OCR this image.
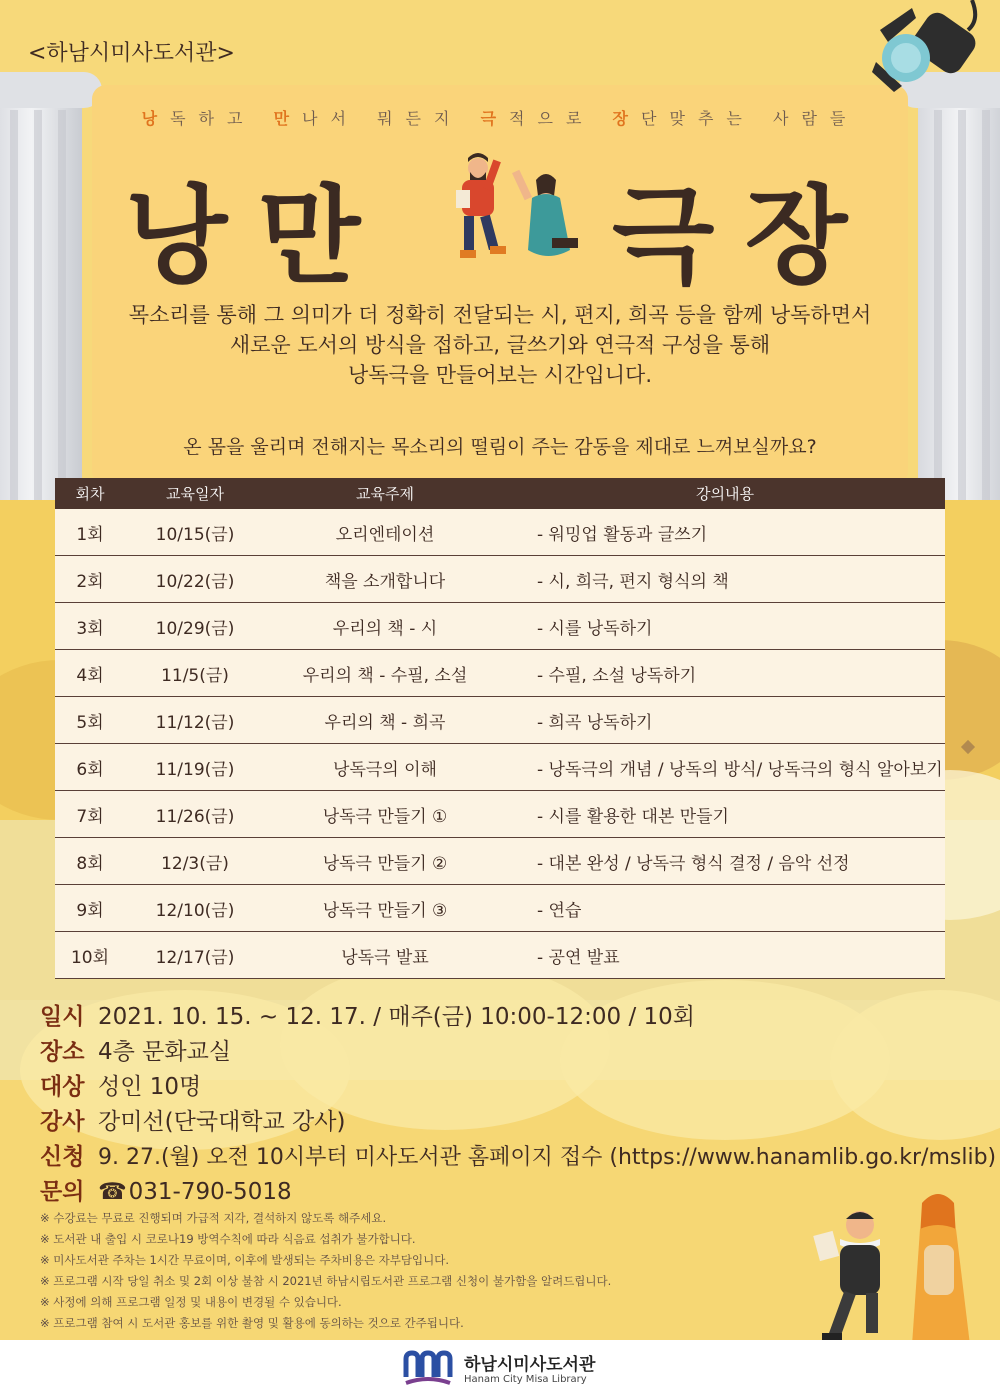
<하남시미사도서관>
낭독하고 만나서 뭐든지 극적으로 장단맞추는 사람들
낭 만 극 장
목소리를 통해 그 의미가 더 정확히 전달되는 시, 편지, 희곡 등을 함께 낭독하면서
새로운 도서의 방식을 접하고, 글쓰기와 연극적 구성을 통해
낭독극을 만들어보는 시간입니다.
온 몸을 울리며 전해지는 목소리의 떨림이 주는 감동을 제대로 느껴보실까요?
회차	교육일자	교육주제	강의내용
1회	10/15(금)	오리엔테이션	- 워밍업 활동과 글쓰기
2회	10/22(금)	책을 소개합니다	- 시, 희극, 편지 형식의 책
3회	10/29(금)	우리의 책 - 시	- 시를 낭독하기
4회	11/5(금)	우리의 책 - 수필, 소설	- 수필, 소설 낭독하기
5회	11/12(금)	우리의 책 - 희곡	- 희곡 낭독하기
6회	11/19(금)	낭독극의 이해	- 낭독극의 개념 / 낭독의 방식/ 낭독극의 형식 알아보기
7회	11/26(금)	낭독극 만들기 ①	- 시를 활용한 대본 만들기
8회	12/3(금)	낭독극 만들기 ②	- 대본 완성 / 낭독극 형식 결정 / 음악 선정
9회	12/10(금)	낭독극 만들기 ③	- 연습
10회	12/17(금)	낭독극 발표	- 공연 발표
일시 2021. 10. 15. ~ 12. 17. / 매주(금) 10:00-12:00 / 10회
장소 4층 문화교실
대상 성인 10명
강사 강미선(단국대학교 강사)
신청 9. 27.(월) 오전 10시부터 미사도서관 홈페이지 접수 (https://www.hanamlib.go.kr/mslib)
문의 ☎031-790-5018
※ 수강료는 무료로 진행되며 가급적 지각, 결석하지 않도록 해주세요.
※ 도서관 내 출입 시 코로나19 방역수칙에 따라 식음료 섭취가 불가합니다.
※ 미사도서관 주차는 1시간 무료이며, 이후에 발생되는 주차비용은 자부담입니다.
※ 프로그램 시작 당일 취소 및 2회 이상 불참 시 2021년 하남시립도서관 프로그램 신청이 불가함을 알려드립니다.
※ 사정에 의해 프로그램 일정 및 내용이 변경될 수 있습니다.
※ 프로그램 참여 시 도서관 홍보를 위한 촬영 및 활용에 동의하는 것으로 간주됩니다.
하남시미사도서관
Hanam City Misa Library
